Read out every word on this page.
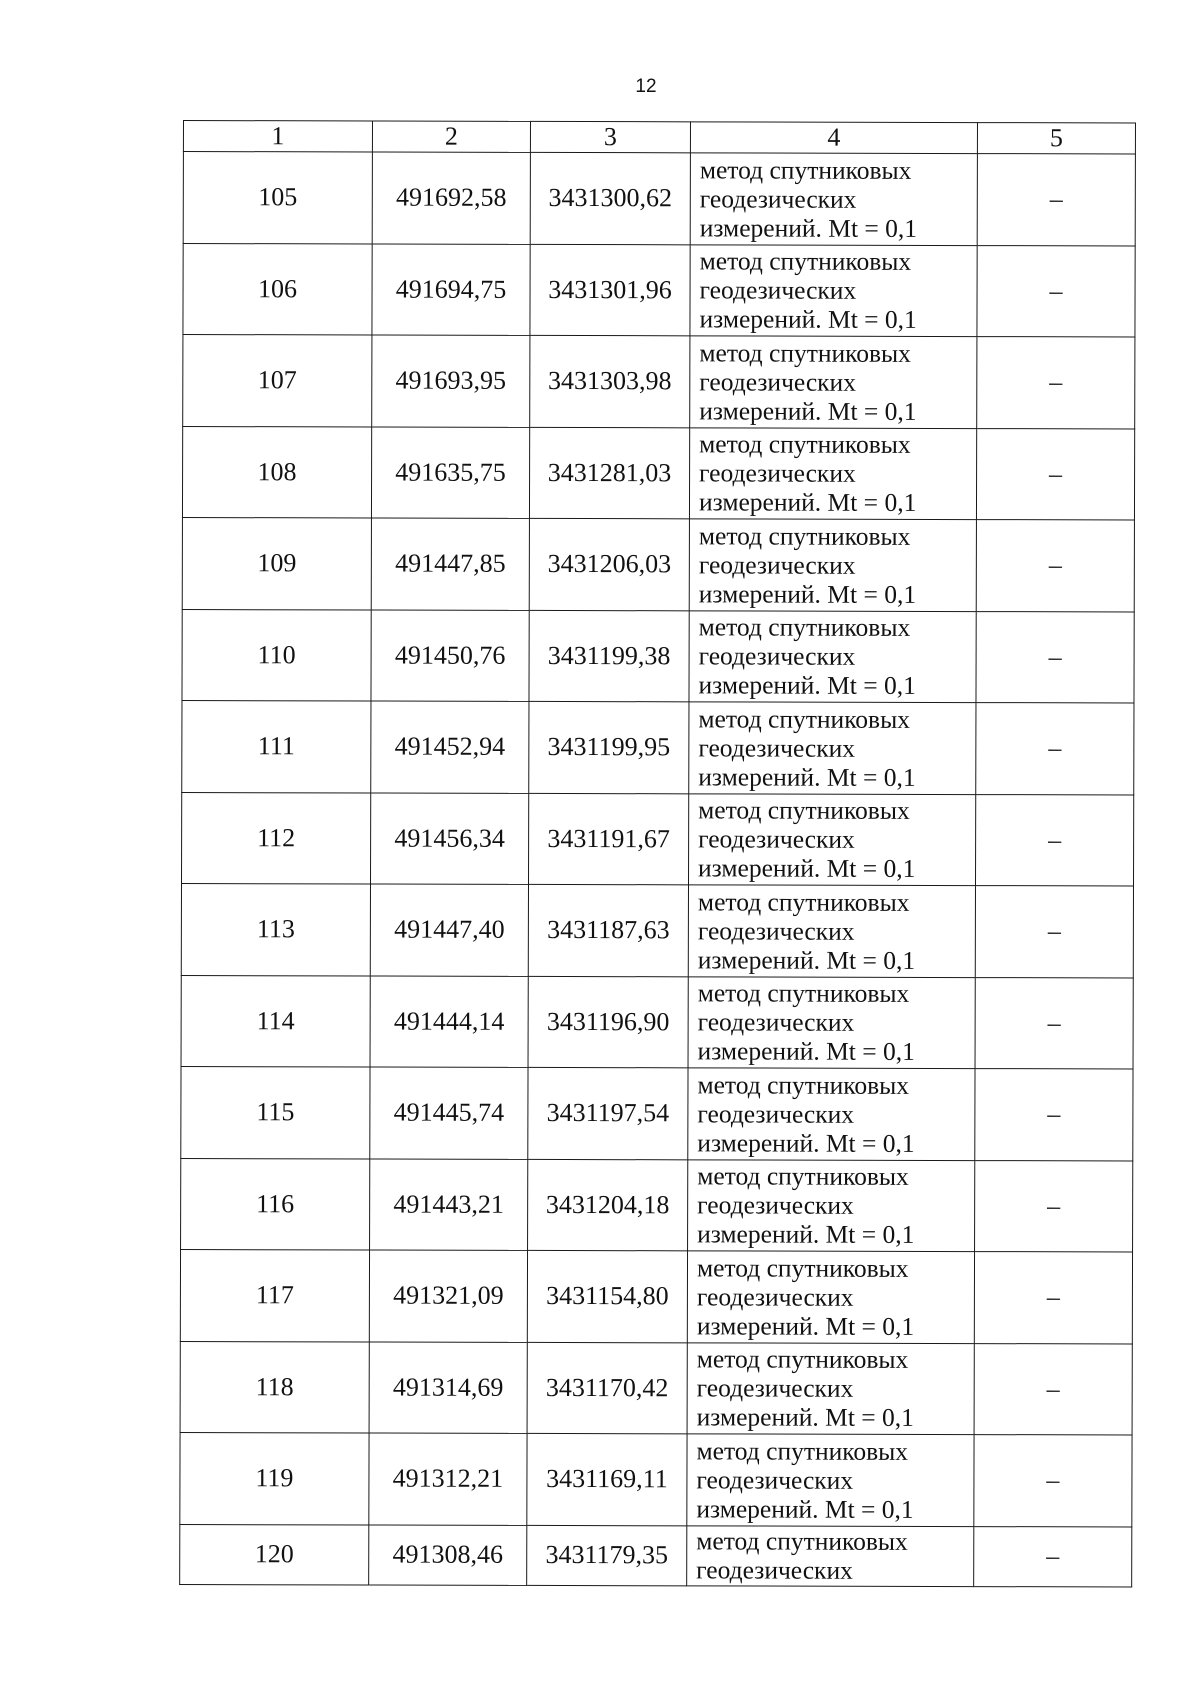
12
1	2	3	4	5
105	491692,58	3431300,62	метод спутниковых
геодезических
измерений. Mt = 0,1	–
106	491694,75	3431301,96	метод спутниковых
геодезических
измерений. Mt = 0,1	–
107	491693,95	3431303,98	метод спутниковых
геодезических
измерений. Mt = 0,1	–
108	491635,75	3431281,03	метод спутниковых
геодезических
измерений. Mt = 0,1	–
109	491447,85	3431206,03	метод спутниковых
геодезических
измерений. Mt = 0,1	–
110	491450,76	3431199,38	метод спутниковых
геодезических
измерений. Mt = 0,1	–
111	491452,94	3431199,95	метод спутниковых
геодезических
измерений. Mt = 0,1	–
112	491456,34	3431191,67	метод спутниковых
геодезических
измерений. Mt = 0,1	–
113	491447,40	3431187,63	метод спутниковых
геодезических
измерений. Mt = 0,1	–
114	491444,14	3431196,90	метод спутниковых
геодезических
измерений. Mt = 0,1	–
115	491445,74	3431197,54	метод спутниковых
геодезических
измерений. Mt = 0,1	–
116	491443,21	3431204,18	метод спутниковых
геодезических
измерений. Mt = 0,1	–
117	491321,09	3431154,80	метод спутниковых
геодезических
измерений. Mt = 0,1	–
118	491314,69	3431170,42	метод спутниковых
геодезических
измерений. Mt = 0,1	–
119	491312,21	3431169,11	метод спутниковых
геодезических
измерений. Mt = 0,1	–
120	491308,46	3431179,35	метод спутниковых
геодезических	–
